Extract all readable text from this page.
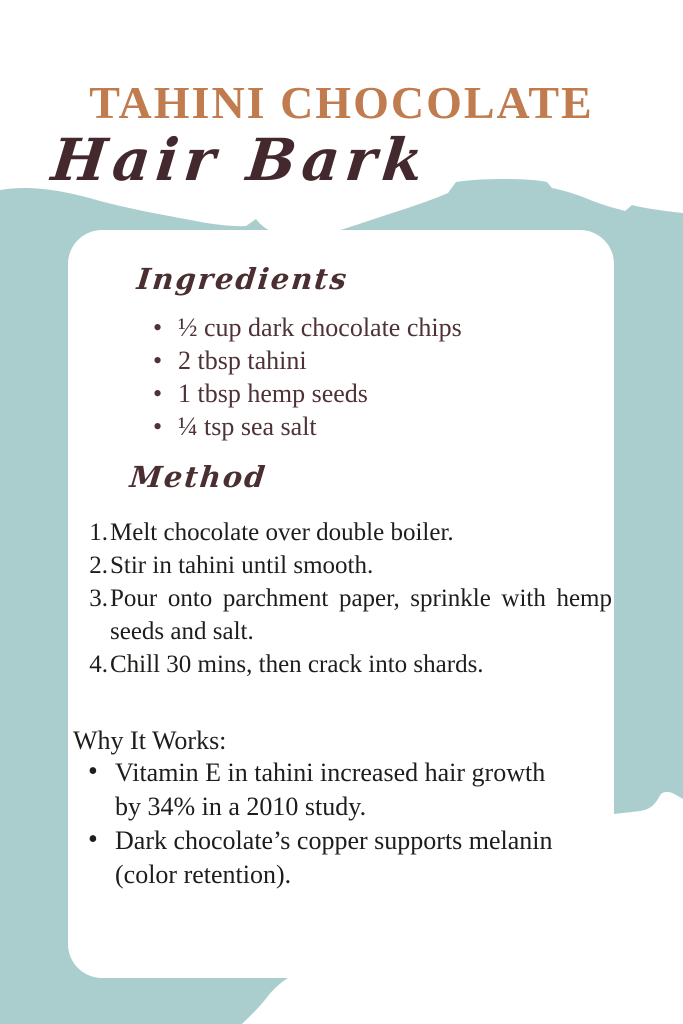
TAHINI CHOCOLATE
Hair Bark
Ingredients
• ½ cup dark chocolate chips
• 2 tbsp tahini
• 1 tbsp hemp seeds
• ¼ tsp sea salt
Method
Melt chocolate over double boiler.
Stir in tahini until smooth.
Pour onto parchment paper, sprinkle with hemp seeds and salt.
Chill 30 mins, then crack into shards.
Why It Works:
• Vitamin E in tahini increased hair growth by 34% in a 2010 study.
• Dark chocolate’s copper supports melanin (color retention).
